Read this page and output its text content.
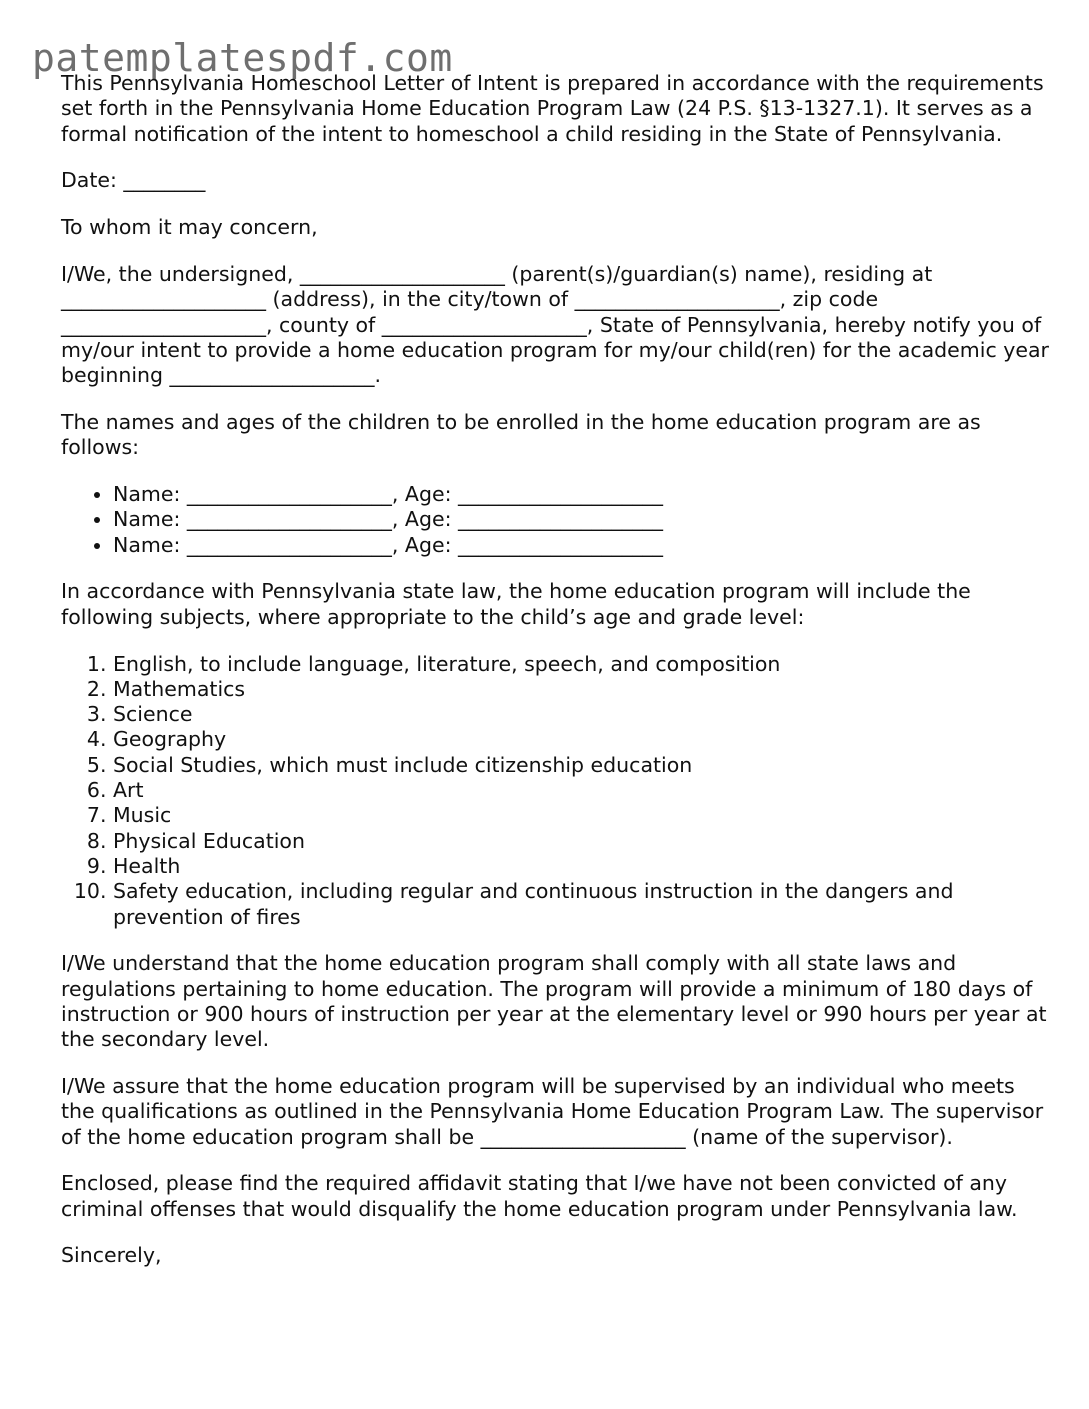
patemplatespdf.com

This Pennsylvania Homeschool Letter of Intent is prepared in accordance with the requirements set forth in the Pennsylvania Home Education Program Law (24 P.S. §13-1327.1). It serves as a formal notification of the intent to homeschool a child residing in the State of Pennsylvania.

Date: ________

To whom it may concern,

I/We, the undersigned, ____________________ (parent(s)/guardian(s) name), residing at ____________________ (address), in the city/town of ____________________, zip code ____________________, county of ____________________, State of Pennsylvania, hereby notify you of my/our intent to provide a home education program for my/our child(ren) for the academic year beginning ____________________.

The names and ages of the children to be enrolled in the home education program are as follows:

• Name: ____________________, Age: ____________________
• Name: ____________________, Age: ____________________
• Name: ____________________, Age: ____________________

In accordance with Pennsylvania state law, the home education program will include the following subjects, where appropriate to the child’s age and grade level:

1. English, to include language, literature, speech, and composition
2. Mathematics
3. Science
4. Geography
5. Social Studies, which must include citizenship education
6. Art
7. Music
8. Physical Education
9. Health
10. Safety education, including regular and continuous instruction in the dangers and prevention of fires

I/We understand that the home education program shall comply with all state laws and regulations pertaining to home education. The program will provide a minimum of 180 days of instruction or 900 hours of instruction per year at the elementary level or 990 hours per year at the secondary level.

I/We assure that the home education program will be supervised by an individual who meets the qualifications as outlined in the Pennsylvania Home Education Program Law. The supervisor of the home education program shall be ____________________ (name of the supervisor).

Enclosed, please find the required affidavit stating that I/we have not been convicted of any criminal offenses that would disqualify the home education program under Pennsylvania law.

Sincerely,
